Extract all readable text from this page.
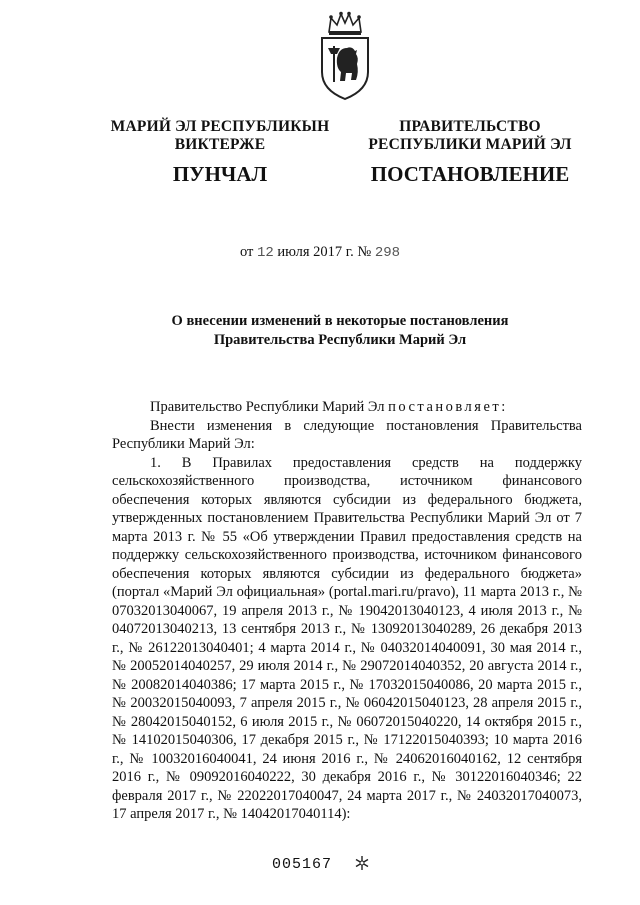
МАРИЙ ЭЛ РЕСПУБЛИКЫН
ВИКТЕРЖЕ
ПРАВИТЕЛЬСТВО
РЕСПУБЛИКИ МАРИЙ ЭЛ
ПУНЧАЛ	ПОСТАНОВЛЕНИЕ
от 12 июля 2017 г. № 298
О внесении изменений в некоторые постановления
Правительства Республики Марий Эл

Правительство Республики Марий Эл постановляет:

Внести изменения в следующие постановления Правительства Республики Марий Эл:

1. В Правилах предоставления средств на поддержку сельскохозяйственного производства, источником финансового обеспечения которых являются субсидии из федерального бюджета, утвержденных постановлением Правительства Республики Марий Эл от 7 марта 2013 г. № 55 «Об утверждении Правил предоставления средств на поддержку сельскохозяйственного производства, источником финансового обеспечения которых являются субсидии из федерального бюджета» (портал «Марий Эл официальная» (portal.mari.ru/pravo), 11 марта 2013 г., № 07032013040067, 19 апреля 2013 г., № 19042013040123, 4 июля 2013 г., № 04072013040213, 13 сентября 2013 г., № 13092013040289, 26 декабря 2013 г., № 26122013040401; 4 марта 2014 г., № 04032014040091, 30 мая 2014 г., № 20052014040257, 29 июля 2014 г., № 29072014040352, 20 августа 2014 г., № 20082014040386; 17 марта 2015 г., № 17032015040086, 20 марта 2015 г., № 20032015040093, 7 апреля 2015 г., № 06042015040123, 28 апреля 2015 г., № 28042015040152, 6 июля 2015 г., № 06072015040220, 14 октября 2015 г., № 14102015040306, 17 декабря 2015 г., № 17122015040393; 10 марта 2016 г., № 10032016040041, 24 июня 2016 г., № 24062016040162, 12 сентября 2016 г., № 09092016040222, 30 декабря 2016 г., № 30122016040346; 22 февраля 2017 г., № 22022017040047, 24 марта 2017 г., № 24032017040073, 17 апреля 2017 г., № 14042017040114):

005167
